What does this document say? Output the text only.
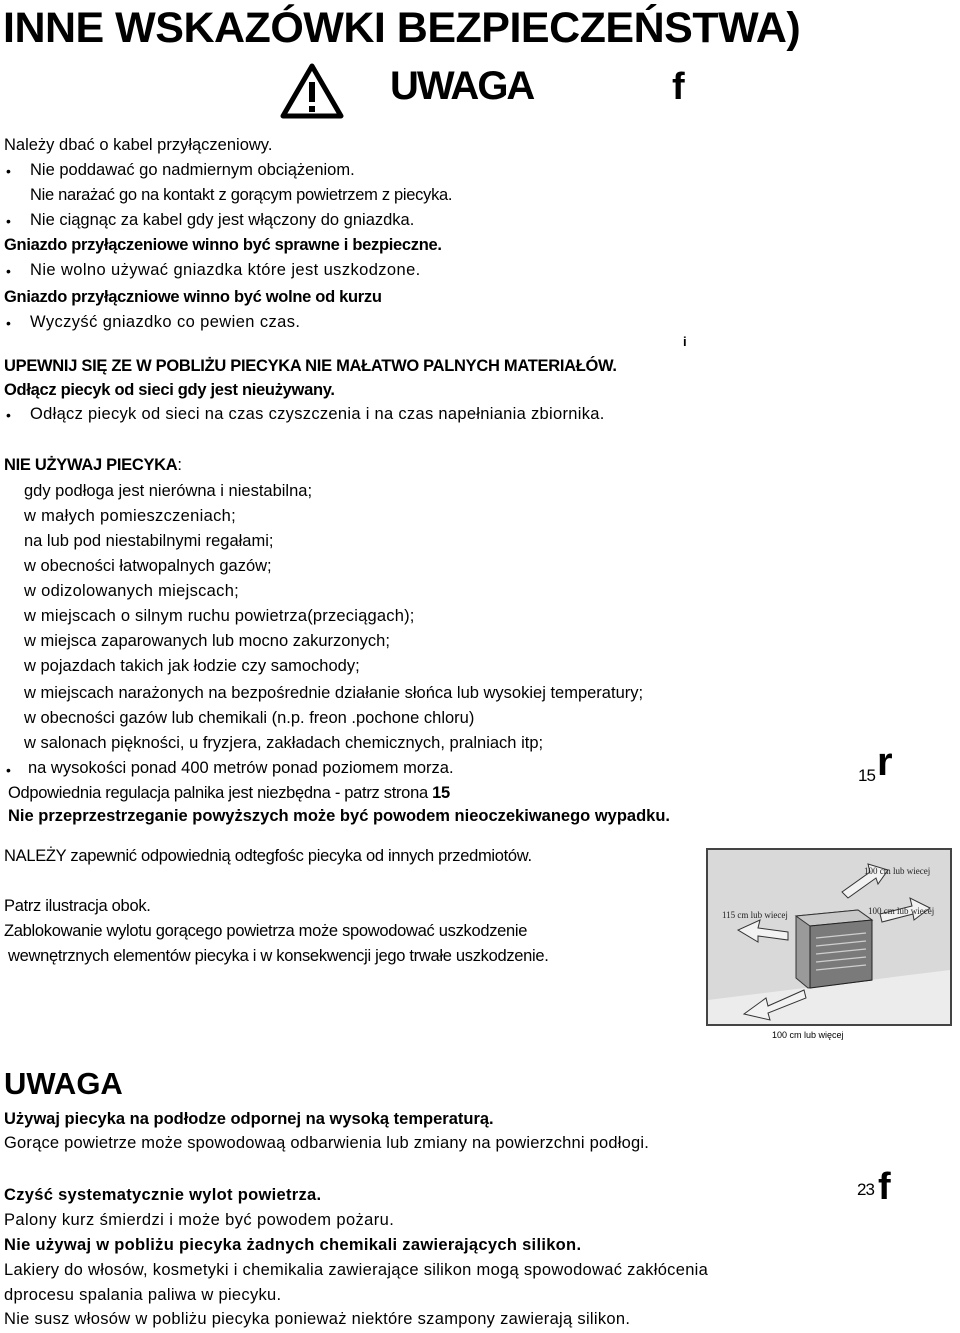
INNE WSKAZÓWKI BEZPIECZEŃSTWA)
UWAGA	f
Należy dbać o kabel przyłączeniowy.
• Nie poddawać go nadmiernym obciążeniom.
Nie narażać go na kontakt z gorącym powietrzem z piecyka.
• Nie ciągnąc za kabel gdy jest włączony do gniazdka.
Gniazdo przyłączeniowe winno być sprawne i bezpieczne.
• Nie wolno używać gniazdka które jest uszkodzone.
Gniazdo przyłączniowe winno być wolne od kurzu
• Wyczyść gniazdko co pewien czas.
i
UPEWNIJ SIĘ ZE W POBLIŻU PIECYKA NIE MAŁATWO PALNYCH MATERIAŁÓW.
Odłącz piecyk od sieci gdy jest nieużywany.
• Odłącz piecyk od sieci na czas czyszczenia i na czas napełniania zbiornika.
NIE UŻYWAJ PIECYKA:
gdy podłoga jest nierówna i niestabilna;
w małych pomieszczeniach;
na lub pod niestabilnymi regałami;
w obecności łatwopalnych gazów;
w odizolowanych miejscach;
w miejscach o silnym ruchu powietrza(przeciągach);
w miejsca zaparowanych lub mocno zakurzonych;
w pojazdach takich jak łodzie czy samochody;
w miejscach narażonych na bezpośrednie działanie słońca lub wysokiej temperatury;
w obecności gazów lub chemikali (n.p. freon .pochone chloru)
w salonach piękności, u fryzjera, zakładach chemicznych, pralniach itp;
• na wysokości ponad 400 metrów ponad poziomem morza.	15 r
Odpowiednia regulacja palnika jest niezbędna - patrz strona 15
Nie przeprzestrzeganie powyższych może być powodem nieoczekiwanego wypadku.
NALEŻY zapewnić odpowiednią odtegfośc piecyka od innych przedmiotów.
Patrz ilustracja obok.
Zablokowanie wylotu gorącego powietrza może spowodować uszkodzenie
wewnętrznych elementów piecyka i w konsekwencji jego trwałe uszkodzenie.
100 cm lub wiecej
100 cm lub wiecej
115 cm lub wiecej
100 cm lub więcej
UWAGA
Używaj piecyka na podłodze odpornej na wysoką temperaturą.
Gorące powietrze może spowodowaą odbarwienia lub zmiany na powierzchni podłogi.
Czyść systematycznie wylot powietrza.	23 f
Palony kurz śmierdzi i może być powodem pożaru.
Nie używaj w pobliżu piecyka żadnych chemikali zawierających silikon.
Lakiery do włosów, kosmetyki i chemikalia zawierające silikon mogą spowodować zakłócenia
dprocesu spalania paliwa w piecyku.
Nie susz włosów w pobliżu piecyka ponieważ niektóre szampony zawierają silikon.
